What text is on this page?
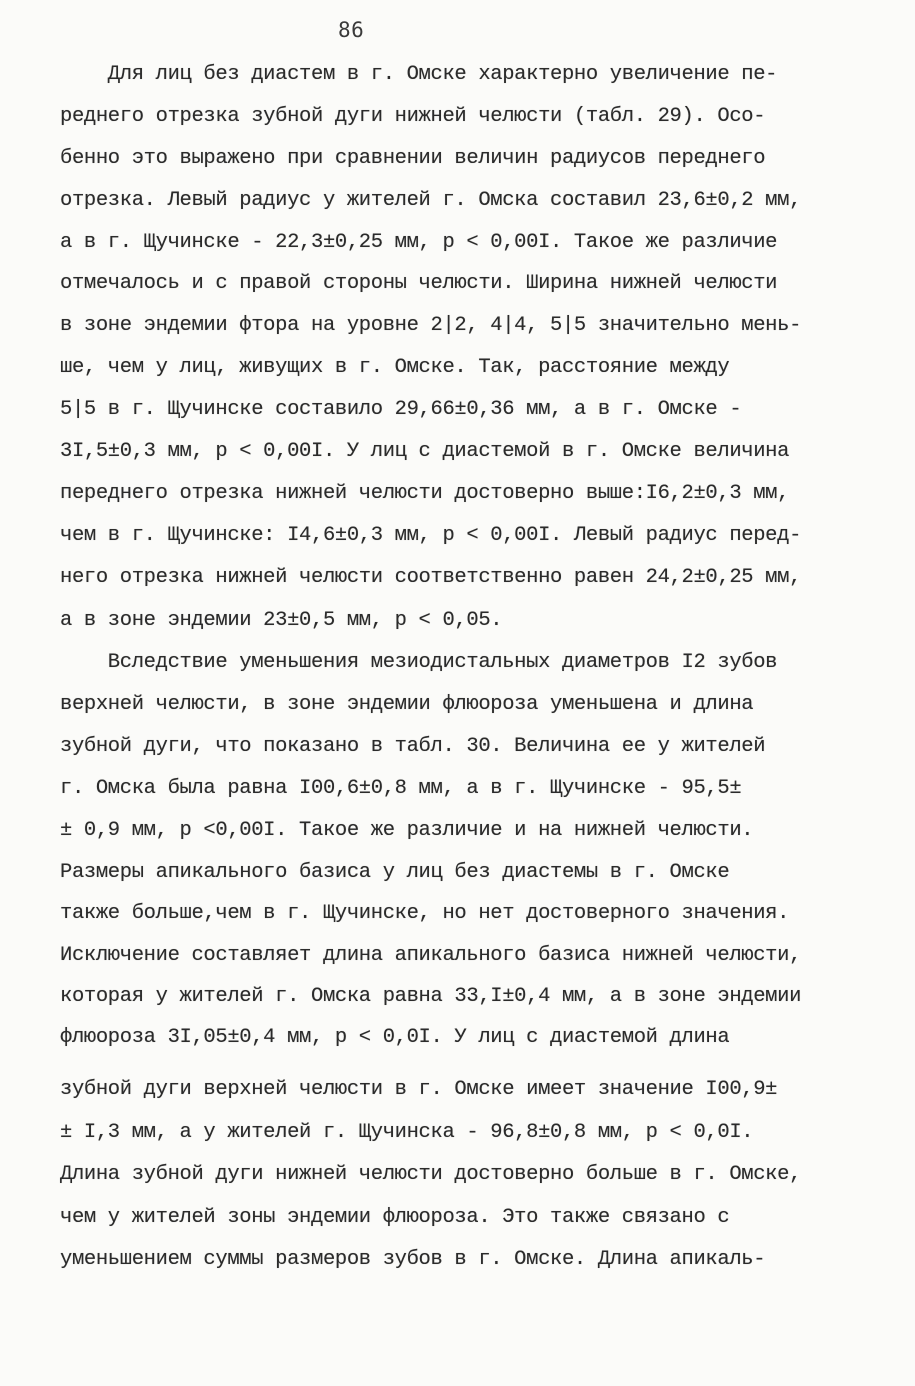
86
Для лиц без диастем в г. Омске характерно увеличение пе-
реднего отрезка зубной дуги нижней челюсти (табл. 29). Осо-
бенно это выражено при сравнении величин радиусов переднего
отрезка. Левый радиус у жителей г. Омска составил 23,6±0,2 мм,
а в г. Щучинске - 22,3±0,25 мм, р < 0,00I. Такое же различие
отмечалось и с правой стороны челюсти. Ширина нижней челюсти
в зоне эндемии фтора на уровне 2|2, 4|4, 5|5 значительно мень-
ше, чем у лиц, живущих в г. Омске. Так, расстояние между
5|5 в г. Щучинске составило 29,66±0,36 мм, а в г. Омске -
3I,5±0,3 мм, р < 0,00I. У лиц с диастемой в г. Омске величина
переднего отрезка нижней челюсти достоверно выше:I6,2±0,3 мм,
чем в г. Щучинске: I4,6±0,3 мм, р < 0,00I. Левый радиус перед-
него отрезка нижней челюсти соответственно равен 24,2±0,25 мм,
а в зоне эндемии 23±0,5 мм, р < 0,05.
Вследствие уменьшения мезиодистальных диаметров I2 зубов
верхней челюсти, в зоне эндемии флюороза уменьшена и длина
зубной дуги, что показано в табл. 30. Величина ее у жителей
г. Омска была равна I00,6±0,8 мм, а в г. Щучинске - 95,5±
± 0,9 мм, р <0,00I. Такое же различие и на нижней челюсти.
Размеры апикального базиса у лиц без диастемы в г. Омске
также больше,чем в г. Щучинске, но нет достоверного значения.
Исключение составляет длина апикального базиса нижней челюсти,
которая у жителей г. Омска равна 33,I±0,4 мм, а в зоне эндемии
флюороза 3I,05±0,4 мм, р < 0,0I. У лиц с диастемой длина
зубной дуги верхней челюсти в г. Омске имеет значение I00,9±
± I,3 мм, а у жителей г. Щучинска - 96,8±0,8 мм, р < 0,0I.
Длина зубной дуги нижней челюсти достоверно больше в г. Омске,
чем у жителей зоны эндемии флюороза. Это также связано с
уменьшением суммы размеров зубов в г. Омске. Длина апикаль-
